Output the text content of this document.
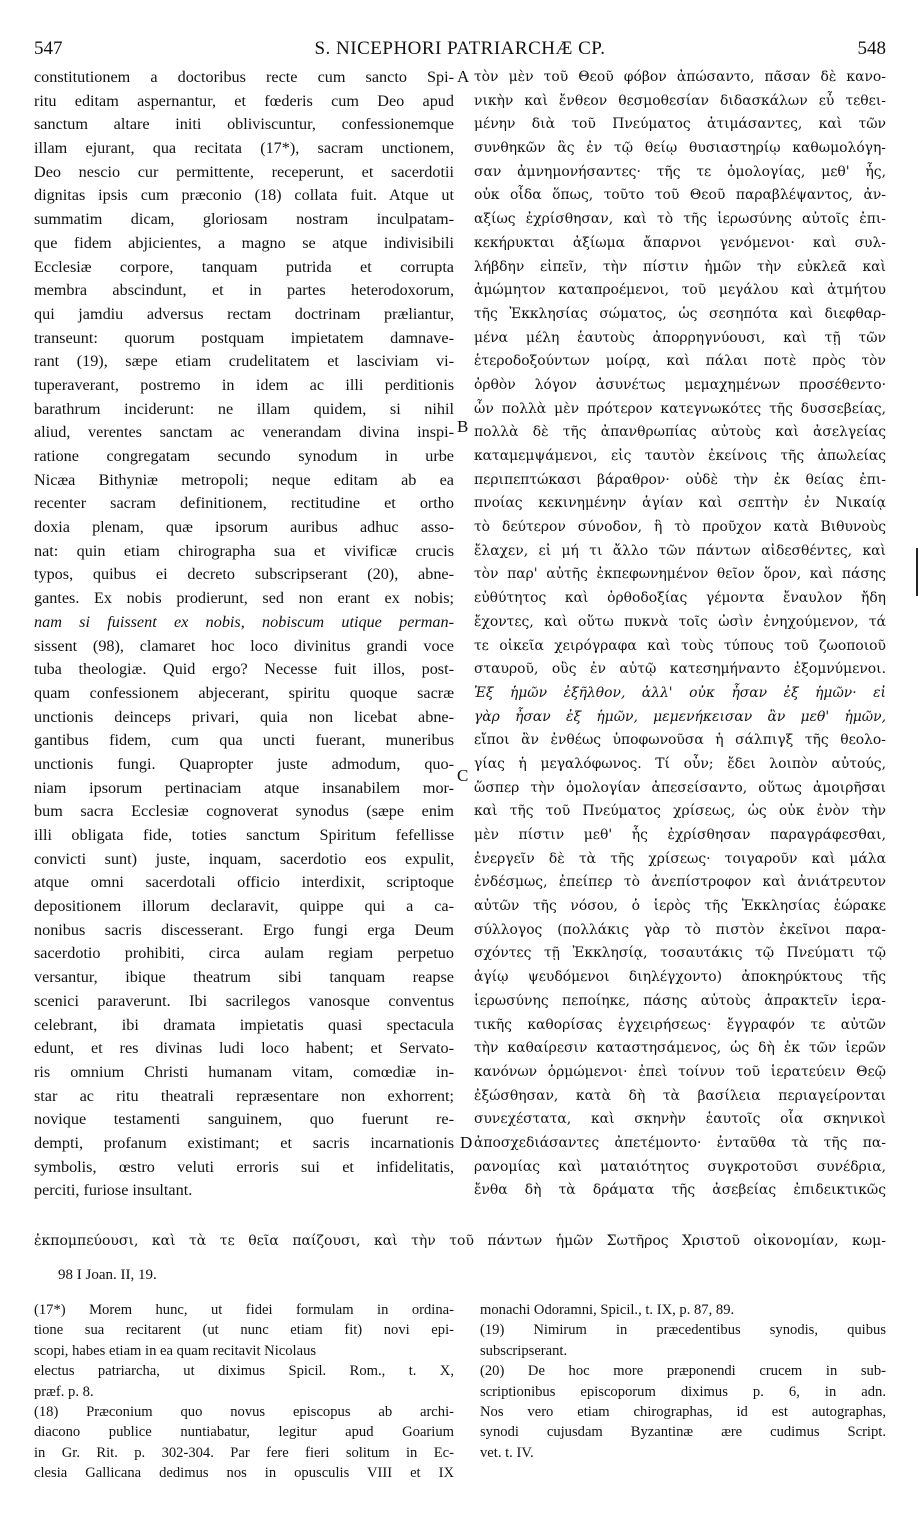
547	S. NICEPHORI PATRIARCHÆ CP.	548
constitutionem a doctoribus recte cum sancto Spi-
ritu editam aspernantur, et fœderis cum Deo apud
sanctum altare initi obliviscuntur, confessionemque
illam ejurant, qua recitata (17*), sacram unctionem,
Deo nescio cur permittente, receperunt, et sacerdotii
dignitas ipsis cum præconio (18) collata fuit. Atque ut
summatim dicam, gloriosam nostram inculpatam-
que fidem abjicientes, a magno se atque indivisibili
Ecclesiæ corpore, tanquam putrida et corrupta
membra abscindunt, et in partes heterodoxorum,
qui jamdiu adversus rectam doctrinam præliantur,
transeunt: quorum postquam impietatem damnave-
rant (19), sæpe etiam crudelitatem et lasciviam vi-
tuperaverant, postremo in idem ac illi perditionis
barathrum inciderunt: ne illam quidem, si nihil
aliud, verentes sanctam ac venerandam divina inspi-
ratione congregatam secundo synodum in urbe
Nicæa Bithyniæ metropoli; neque editam ab ea
recenter sacram definitionem, rectitudine et ortho
doxia plenam, quæ ipsorum auribus adhuc asso-
nat: quin etiam chirographa sua et vivificæ crucis
typos, quibus ei decreto subscripserant (20), abne-
gantes. Ex nobis prodierunt, sed non erant ex nobis;
nam si fuissent ex nobis, nobiscum utique perman-
sissent (98), clamaret hoc loco divinitus grandi voce
tuba theologiæ. Quid ergo? Necesse fuit illos, post-
quam confessionem abjecerant, spiritu quoque sacræ
unctionis deinceps privari, quia non licebat abne-
gantibus fidem, cum qua uncti fuerant, muneribus
unctionis fungi. Quapropter juste admodum, quo-
niam ipsorum pertinaciam atque insanabilem mor-
bum sacra Ecclesiæ cognoverat synodus (sæpe enim
illi obligata fide, toties sanctum Spiritum fefellisse
convicti sunt) juste, inquam, sacerdotio eos expulit,
atque omni sacerdotali officio interdixit, scriptoque
depositionem illorum declaravit, quippe qui a ca-
nonibus sacris discesserant. Ergo fungi erga Deum
sacerdotio prohibiti, circa aulam regiam perpetuo
versantur, ibique theatrum sibi tanquam reapse
scenici paraverunt. Ibi sacrilegos vanosque conventus
celebrant, ibi dramata impietatis quasi spectacula
edunt, et res divinas ludi loco habent; et Servato-
ris omnium Christi humanam vitam, comœdiæ in-
star ac ritu theatrali repræsentare non exhorrent;
novique testamenti sanguinem, quo fuerunt re-
dempti, profanum existimant; et sacris incarnationis
symbolis, œstro veluti erroris sui et infidelitatis,
perciti, furiose insultant.
τὸν μὲν τοῦ Θεοῦ φόβον ἀπώσαντο, πᾶσαν δὲ κανο-
νικὴν καὶ ἔνθεον θεσμοθεσίαν διδασκάλων εὖ τεθει-
μένην διὰ τοῦ Πνεύματος ἀτιμάσαντες, καὶ τῶν
συνθηκῶν ἃς ἐν τῷ θείῳ θυσιαστηρίῳ καθωμολόγη-
σαν ἀμνημονήσαντες· τῆς τε ὁμολογίας, μεθ' ἧς,
οὐκ οἶδα ὅπως, τοῦτο τοῦ Θεοῦ παραβλέψαντος, ἀν-
αξίως ἐχρίσθησαν, καὶ τὸ τῆς ἱερωσύνης αὐτοῖς ἐπι-
κεκήρυκται ἀξίωμα ἄπαρνοι γενόμενοι· καὶ συλ-
λήβδην εἰπεῖν, τὴν πίστιν ἡμῶν τὴν εὐκλεᾶ καὶ
ἀμώμητον καταπροέμενοι, τοῦ μεγάλου καὶ ἀτμήτου
τῆς Ἐκκλησίας σώματος, ὡς σεσηπότα καὶ διεφθαρ-
μένα μέλη ἑαυτοὺς ἀπορρηγνύουσι, καὶ τῇ τῶν
ἑτεροδοξούντων μοίρᾳ, καὶ πάλαι ποτὲ πρὸς τὸν
ὀρθὸν λόγον ἀσυνέτως μεμαχημένων προσέθεντο·
ὧν πολλὰ μὲν πρότερον κατεγνωκότες τῆς δυσσεβείας,
πολλὰ δὲ τῆς ἀπανθρωπίας αὐτοὺς καὶ ἀσελγείας
καταμεμψάμενοι, εἰς ταυτὸν ἐκείνοις τῆς ἀπωλείας
περιπεπτώκασι βάραθρον· οὐδὲ τὴν ἐκ θείας ἐπι-
πνοίας κεκινημένην ἁγίαν καὶ σεπτὴν ἐν Νικαίᾳ
τὸ δεύτερον σύνοδον, ἣ τὸ προῦχον κατὰ Βιθυνοὺς
ἔλαχεν, εἰ μή τι ἄλλο τῶν πάντων αἰδεσθέντες, καὶ
τὸν παρ' αὐτῆς ἐκπεφωνημένον θεῖον ὅρον, καὶ πάσης
εὐθύτητος καὶ ὀρθοδοξίας γέμοντα ἔναυλον ἤδη
ἔχοντες, καὶ οὕτω πυκνὰ τοῖς ὠσὶν ἐνηχούμενον, τά
τε οἰκεῖα χειρόγραφα καὶ τοὺς τύπους τοῦ ζωοποιοῦ
σταυροῦ, οὓς ἐν αὐτῷ κατεσημήναντο ἐξομνύμενοι.
Ἐξ ἡμῶν ἐξῆλθον, ἀλλ' οὐκ ἦσαν ἐξ ἡμῶν· εἰ
γὰρ ἦσαν ἐξ ἡμῶν, μεμενήκεισαν ἂν μεθ' ἡμῶν,
εἴποι ἂν ἐνθέως ὑποφωνοῦσα ἡ σάλπιγξ τῆς θεολο-
γίας ἡ μεγαλόφωνος. Τί οὖν; ἔδει λοιπὸν αὐτούς,
ὥσπερ τὴν ὁμολογίαν ἀπεσείσαντο, οὕτως ἀμοιρῆσαι
καὶ τῆς τοῦ Πνεύματος χρίσεως, ὡς οὐκ ἐνὸν τὴν
μὲν πίστιν μεθ' ἧς ἐχρίσθησαν παραγράφεσθαι,
ἐνεργεῖν δὲ τὰ τῆς χρίσεως· τοιγαροῦν καὶ μάλα
ἐνδέσμως, ἐπείπερ τὸ ἀνεπίστροφον καὶ ἀνιάτρευτον
αὐτῶν τῆς νόσου, ὁ ἱερὸς τῆς Ἐκκλησίας ἑώρακε
σύλλογος (πολλάκις γὰρ τὸ πιστὸν ἐκεῖνοι παρα-
σχόντες τῇ Ἐκκλησίᾳ, τοσαυτάκις τῷ Πνεύματι τῷ
ἁγίῳ ψευδόμενοι διηλέγχοντο) ἀποκηρύκτους τῆς
ἱερωσύνης πεποίηκε, πάσης αὐτοὺς ἀπρακτεῖν ἱερα-
τικῆς καθορίσας ἐγχειρήσεως· ἔγγραφόν τε αὐτῶν
τὴν καθαίρεσιν καταστησάμενος, ὡς δὴ ἐκ τῶν ἱερῶν
κανόνων ὁρμώμενοι· ἐπεὶ τοίνυν τοῦ ἱερατεύειν Θεῷ
ἐξώσθησαν, κατὰ δὴ τὰ βασίλεια περιαγείρονται
συνεχέστατα, καὶ σκηνὴν ἑαυτοῖς οἷα σκηνικοὶ
ἀποσχεδιάσαντες ἀπετέμοντο· ἐνταῦθα τὰ τῆς πα-
ρανομίας καὶ ματαιότητος συγκροτοῦσι συνέδρια,
ἔνθα δὴ τὰ δράματα τῆς ἀσεβείας ἐπιδεικτικῶς
A
B
C
D
ἐκπομπεύουσι, καὶ τὰ τε θεῖα παίζουσι, καὶ τὴν τοῦ πάντων ἡμῶν Σωτῆρος Χριστοῦ οἰκονομίαν, κωμ-
98 I Joan. II, 19.
(17*) Morem hunc, ut fidei formulam in ordina-
tione sua recitarent (ut nunc etiam fit) novi epi-
scopi, habes etiam in ea quam recitavit Nicolaus
electus patriarcha, ut diximus Spicil. Rom., t. X,
præf. p. 8.
(18) Præconium quo novus episcopus ab archi-
diacono publice nuntiabatur, legitur apud Goarium
in Gr. Rit. p. 302-304. Par fere fieri solitum in Ec-
clesia Gallicana dedimus nos in opusculis VIII et IX
monachi Odoramni, Spicil., t. IX, p. 87, 89.
(19) Nimirum in præcedentibus synodis, quibus
subscripserant.
(20) De hoc more præponendi crucem in sub-
scriptionibus episcoporum diximus p. 6, in adn.
Nos vero etiam chirographas, id est autographas,
synodi cujusdam Byzantinæ ære cudimus Script.
vet. t. IV.
